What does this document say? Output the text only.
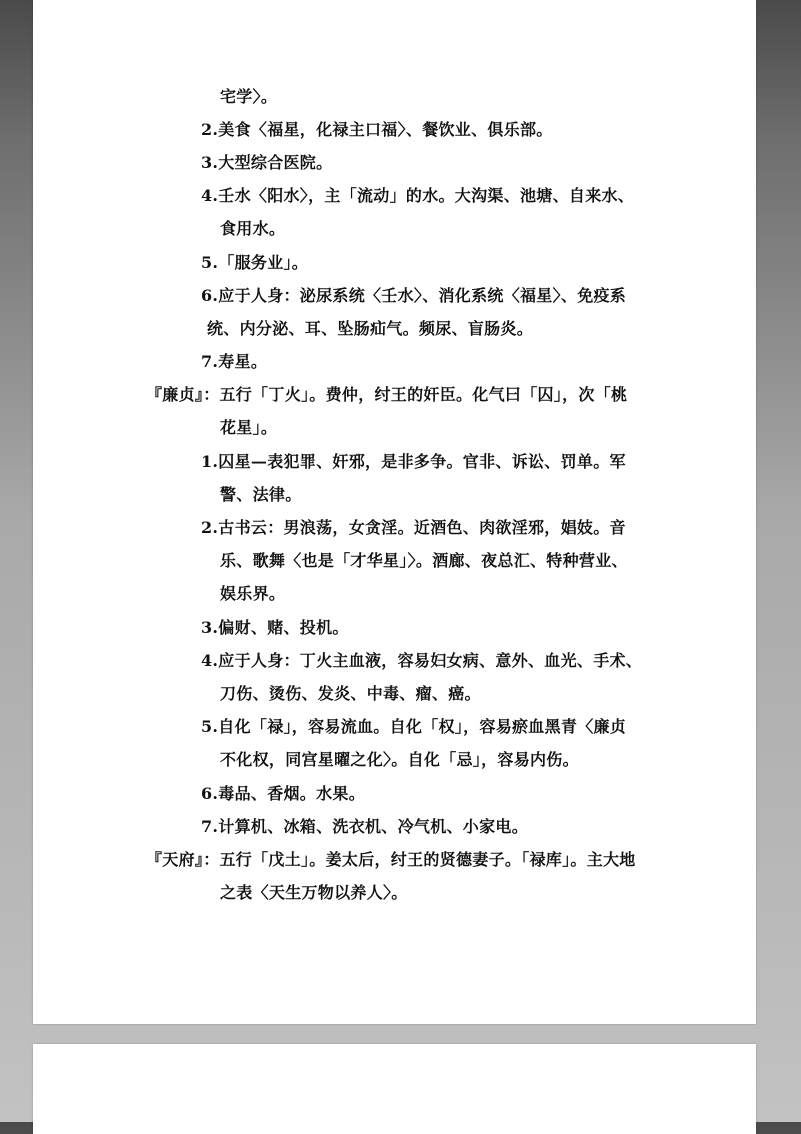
宅学〉。
2.美食〈福星，化禄主口福〉、餐饮业、俱乐部。
3.大型综合医院。
4.壬水〈阳水〉，主「流动」的水。大沟渠、池塘、自来水、
食用水。
5.「服务业」。
6.应于人身：泌尿系统〈壬水〉、消化系统〈福星〉、免疫系
统、内分泌、耳、坠肠疝气。频尿、盲肠炎。
7.寿星。
『廉贞』：五行「丁火」。费仲，纣王的奸臣。化气曰「囚」，次「桃
花星」。
1.囚星—表犯罪、奸邪，是非多争。官非、诉讼、罚单。军
警、法律。
2.古书云：男浪荡，女贪淫。近酒色、肉欲淫邪，娼妓。音
乐、歌舞〈也是「才华星」〉。酒廊、夜总汇、特种营业、
娱乐界。
3.偏财、赌、投机。
4.应于人身：丁火主血液，容易妇女病、意外、血光、手术、
刀伤、烫伤、发炎、中毒、瘤、癌。
5.自化「禄」，容易流血。自化「权」，容易瘀血黑青〈廉贞
不化权，同宫星曜之化〉。自化「忌」，容易内伤。
6.毒品、香烟。水果。
7.计算机、冰箱、洗衣机、冷气机、小家电。
『天府』：五行「戊土」。姜太后，纣王的贤德妻子。「禄库」。主大地
之表〈天生万物以养人〉。
